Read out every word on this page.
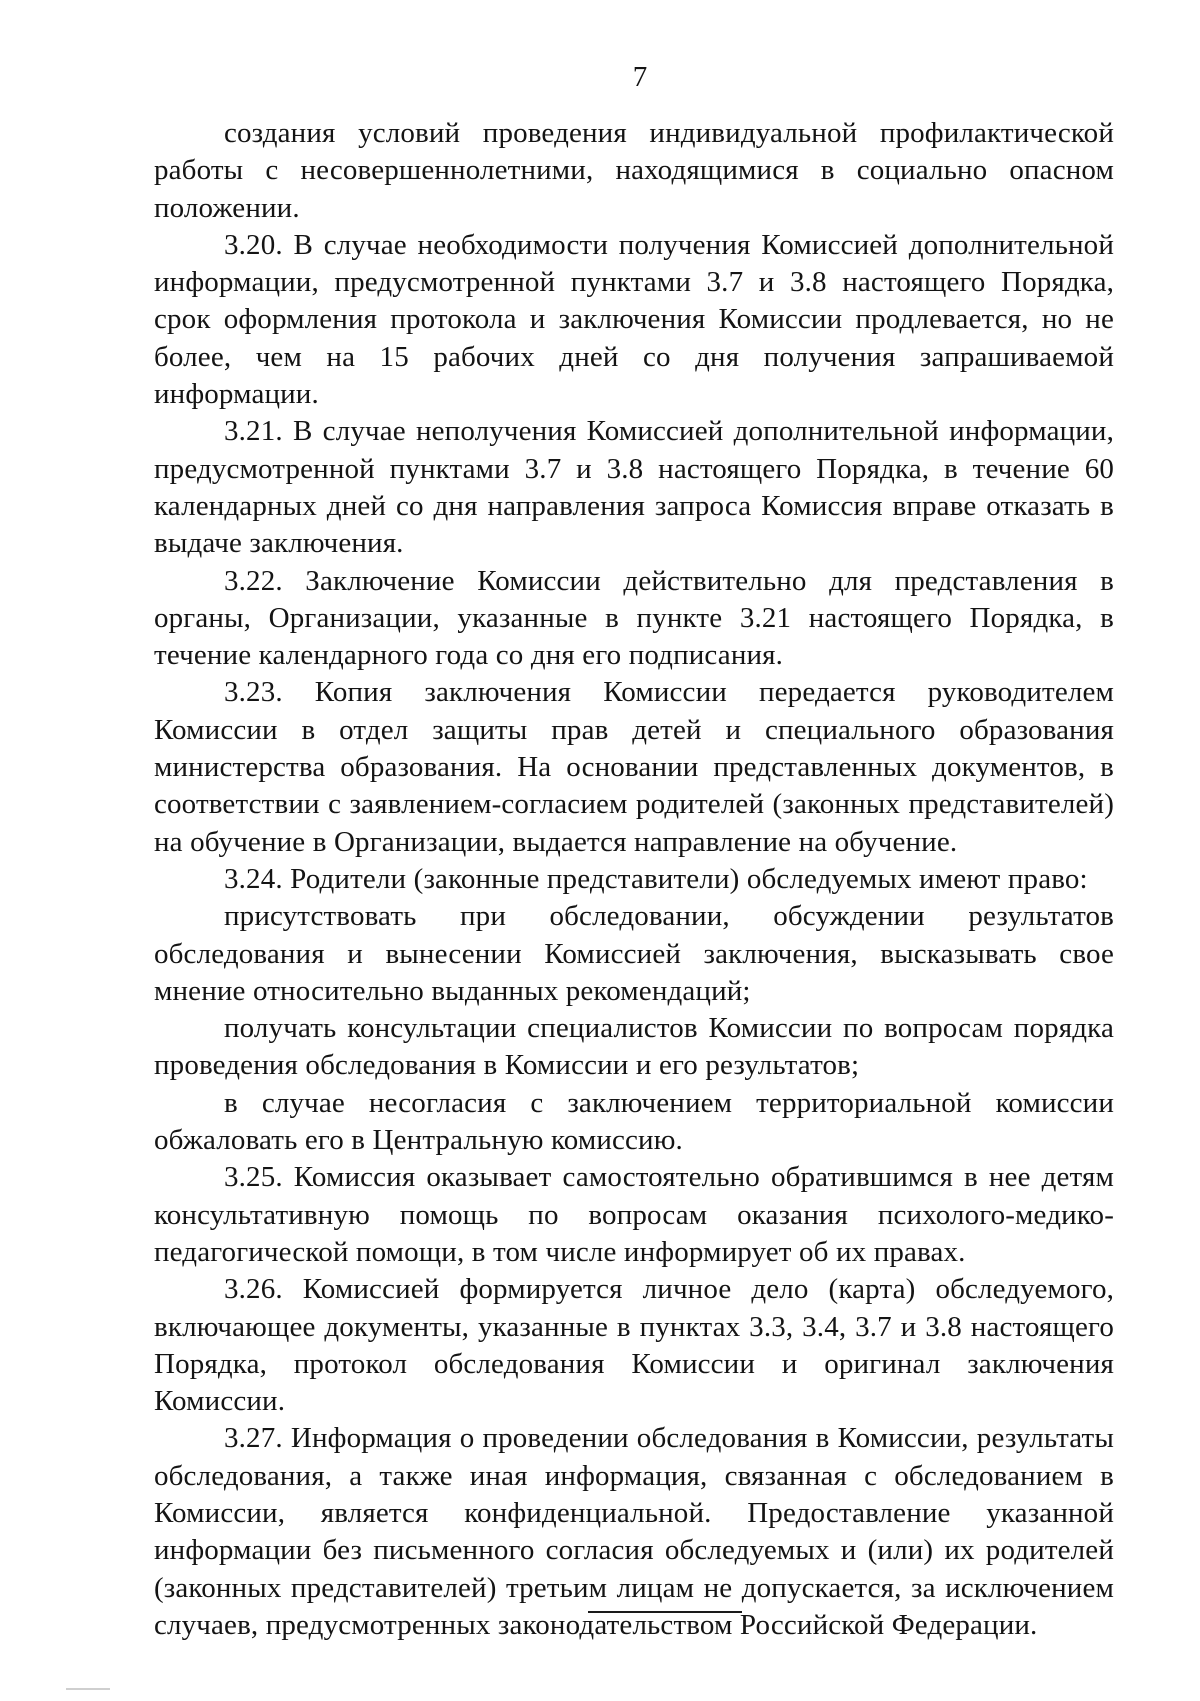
7

создания условий проведения индивидуальной профилактической работы с несовершеннолетними, находящимися в социально опасном положении.

3.20. В случае необходимости получения Комиссией дополнительной информации, предусмотренной пунктами 3.7 и 3.8 настоящего Порядка, срок оформления протокола и заключения Комиссии продлевается, но не более, чем на 15 рабочих дней со дня получения запрашиваемой информации.

3.21. В случае неполучения Комиссией дополнительной информации, предусмотренной пунктами 3.7 и 3.8 настоящего Порядка, в течение 60 календарных дней со дня направления запроса Комиссия вправе отказать в выдаче заключения.

3.22. Заключение Комиссии действительно для представления в органы, Организации, указанные в пункте 3.21 настоящего Порядка, в течение календарного года со дня его подписания.

3.23. Копия заключения Комиссии передается руководителем Комиссии в отдел защиты прав детей и специального образования министерства образования. На основании представленных документов, в соответствии с заявлением-согласием родителей (законных представителей) на обучение в Организации, выдается направление на обучение.

3.24. Родители (законные представители) обследуемых имеют право:

присутствовать при обследовании, обсуждении результатов обследования и вынесении Комиссией заключения, высказывать свое мнение относительно выданных рекомендаций;

получать консультации специалистов Комиссии по вопросам порядка проведения обследования в Комиссии и его результатов;

в случае несогласия с заключением территориальной комиссии обжаловать его в Центральную комиссию.

3.25. Комиссия оказывает самостоятельно обратившимся в нее детям консультативную помощь по вопросам оказания психолого-медико-педагогической помощи, в том числе информирует об их правах.

3.26. Комиссией формируется личное дело (карта) обследуемого, включающее документы, указанные в пунктах 3.3, 3.4, 3.7 и 3.8 настоящего Порядка, протокол обследования Комиссии и оригинал заключения Комиссии.

3.27. Информация о проведении обследования в Комиссии, результаты обследования, а также иная информация, связанная с обследованием в Комиссии, является конфиденциальной. Предоставление указанной информации без письменного согласия обследуемых и (или) их родителей (законных представителей) третьим лицам не допускается, за исключением случаев, предусмотренных законодательством Российской Федерации.
